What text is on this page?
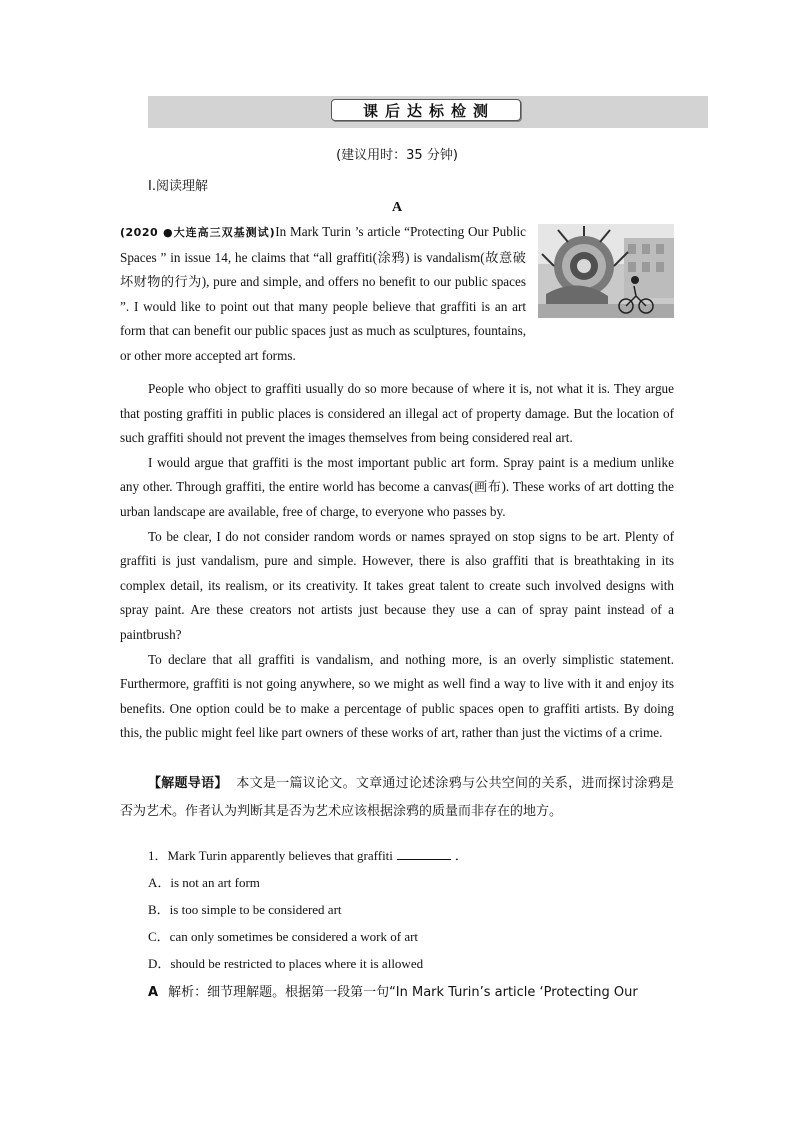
课后达标检测
(建议用时：35 分钟)
Ⅰ.阅读理解
A
(2020 ●大连高三双基测试)In Mark Turin ’s article “Protecting Our Public Spaces ” in issue 14, he claims that “all graffiti(涂鸦) is vandalism(故意破坏财物的行为), pure and simple, and offers no benefit to our public spaces ”. I would like to point out that many people believe that graffiti is an art form that can benefit our public spaces just as much as sculptures, fountains, or other more accepted art forms.

People who object to graffiti usually do so more because of where it is, not what it is. They argue that posting graffiti in public places is considered an illegal act of property damage. But the location of such graffiti should not prevent the images themselves from being considered real art.

I would argue that graffiti is the most important public art form. Spray paint is a medium unlike any other. Through graffiti, the entire world has become a canvas(画布). These works of art dotting the urban landscape are available, free of charge, to everyone who passes by.

To be clear, I do not consider random words or names sprayed on stop signs to be art. Plenty of graffiti is just vandalism, pure and simple. However, there is also graffiti that is breathtaking in its complex detail, its realism, or its creativity. It takes great talent to create such involved designs with spray paint. Are these creators not artists just because they use a can of spray paint instead of a paintbrush?

To declare that all graffiti is vandalism, and nothing more, is an overly simplistic statement. Furthermore, graffiti is not going anywhere, so we might as well find a way to live with it and enjoy its benefits. One option could be to make a percentage of public spaces open to graffiti artists. By doing this, the public might feel like part owners of these works of art, rather than just the victims of a crime.

【解题导语】 本文是一篇议论文。文章通过论述涂鸦与公共空间的关系，进而探讨涂鸦是否为艺术。作者认为判断其是否为艺术应该根据涂鸦的质量而非存在的地方。
1．Mark Turin apparently believes that graffiti	．
A．is not an art form
B．is too simple to be considered art
C．can only sometimes be considered a work of art
D．should be restricted to places where it is allowed
A 解析：细节理解题。根据第一段第一句“In Mark Turin’s article ‘Protecting Our
